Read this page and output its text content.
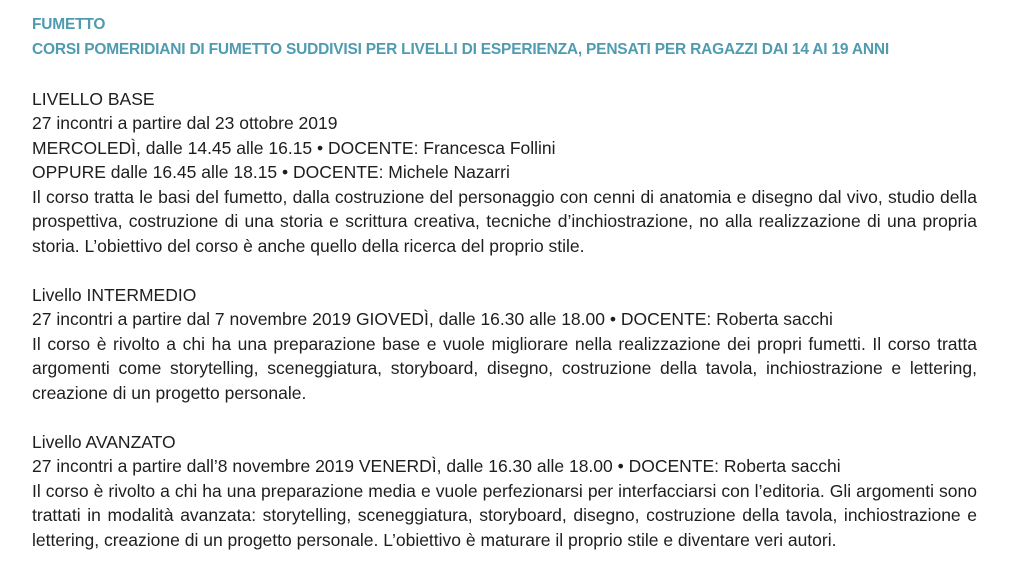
FUMETTO
CORSI POMERIDIANI DI FUMETTO SUDDIVISI PER LIVELLI DI ESPERIENZA, PENSATI PER RAGAZZI DAI 14 AI 19 ANNI
LIVELLO BASE
27 incontri a partire dal 23 ottobre 2019
MERCOLEDÌ, dalle 14.45 alle 16.15 • DOCENTE: Francesca Follini
OPPURE dalle 16.45 alle 18.15 • DOCENTE: Michele Nazarri

Il corso tratta le basi del fumetto, dalla costruzione del personaggio con cenni di anatomia e disegno dal vivo, studio della prospettiva, costruzione di una storia e scrittura creativa, tecniche d’inchiostrazione, no alla realizzazione di una propria storia. L’obiettivo del corso è anche quello della ricerca del proprio stile.

Livello INTERMEDIO
27 incontri a partire dal 7 novembre 2019 GIOVEDÌ, dalle 16.30 alle 18.00 • DOCENTE: Roberta sacchi

Il corso è rivolto a chi ha una preparazione base e vuole migliorare nella realizzazione dei propri fumetti. Il corso tratta argomenti come storytelling, sceneggiatura, storyboard, disegno, costruzione della tavola, inchiostrazione e lettering, creazione di un progetto personale.

Livello AVANZATO
27 incontri a partire dall’8 novembre 2019 VENERDÌ, dalle 16.30 alle 18.00 • DOCENTE: Roberta sacchi

Il corso è rivolto a chi ha una preparazione media e vuole perfezionarsi per interfacciarsi con l’editoria. Gli argomenti sono trattati in modalità avanzata: storytelling, sceneggiatura, storyboard, disegno, costruzione della tavola, inchiostrazione e lettering, creazione di un progetto personale. L’obiettivo è maturare il proprio stile e diventare veri autori.
